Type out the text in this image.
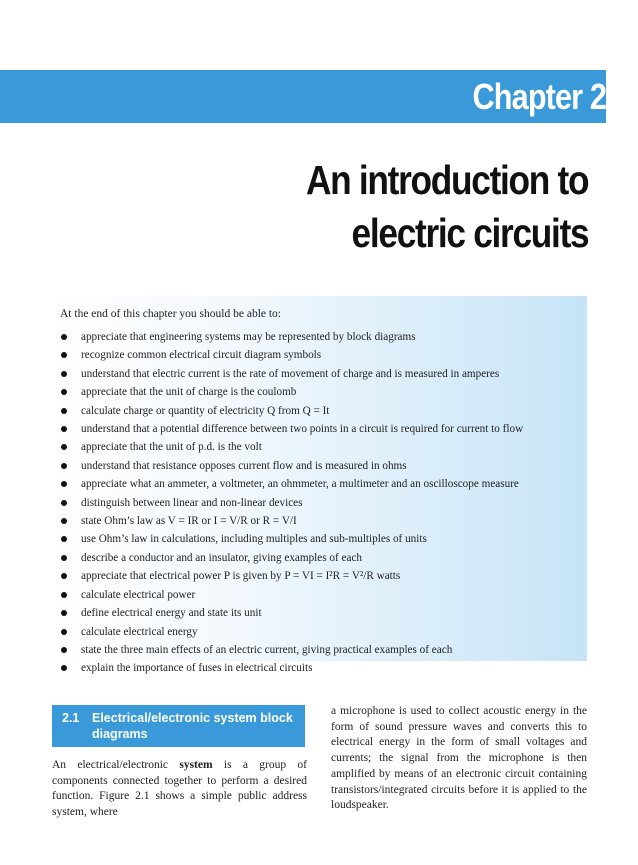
Chapter 2
An introduction to
electric circuits

At the end of this chapter you should be able to:

appreciate that engineering systems may be represented by block diagrams
recognize common electrical circuit diagram symbols
understand that electric current is the rate of movement of charge and is measured in amperes
appreciate that the unit of charge is the coulomb
calculate charge or quantity of electricity Q from Q = It
understand that a potential difference between two points in a circuit is required for current to flow
appreciate that the unit of p.d. is the volt
understand that resistance opposes current flow and is measured in ohms
appreciate what an ammeter, a voltmeter, an ohmmeter, a multimeter and an oscilloscope measure
distinguish between linear and non-linear devices
state Ohm’s law as V = IR or I = V/R or R = V/I
use Ohm’s law in calculations, including multiples and sub-multiples of units
describe a conductor and an insulator, giving examples of each
appreciate that electrical power P is given by P = VI = I²R = V²/R watts
calculate electrical power
define electrical energy and state its unit
calculate electrical energy
state the three main effects of an electric current, giving practical examples of each
explain the importance of fuses in electrical circuits
2.1 Electrical/electronic system block diagrams
An electrical/electronic system is a group of components connected together to perform a desired function. Figure 2.1 shows a simple public address system, where
a microphone is used to collect acoustic energy in the form of sound pressure waves and converts this to electrical energy in the form of small voltages and currents; the signal from the microphone is then amplified by means of an electronic circuit containing transistors/integrated circuits before it is applied to the loudspeaker.
